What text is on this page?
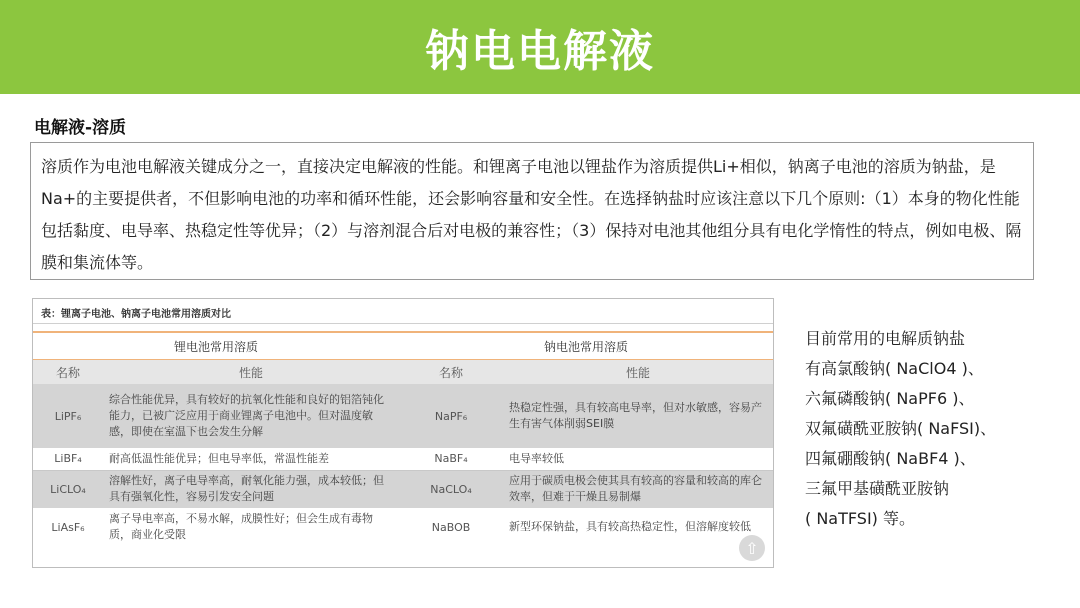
钠电电解液
电解液-溶质
溶质作为电池电解液关键成分之一，直接决定电解液的性能。和锂离子电池以锂盐作为溶质提供Li+相似，钠离子电池的溶质为钠盐，是Na+的主要提供者，不但影响电池的功率和循环性能，还会影响容量和安全性。在选择钠盐时应该注意以下几个原则:（1）本身的物化性能包括黏度、电导率、热稳定性等优异；（2）与溶剂混合后对电极的兼容性；（3）保持对电池其他组分具有电化学惰性的特点，例如电极、隔膜和集流体等。
表：锂离子电池、钠离子电池常用溶质对比
锂电池常用溶质		钠电池常用溶质	
名称	性能	名称	性能
LiPF₆	综合性能优异，具有较好的抗氧化性能和良好的铝箔钝化能力，已被广泛应用于商业锂离子电池中。但对温度敏感，即使在室温下也会发生分解	NaPF₆	热稳定性强，具有较高电导率，但对水敏感，容易产生有害气体削弱SEI膜
LiBF₄	耐高低温性能优异；但电导率低，常温性能差	NaBF₄	电导率较低
LiCLO₄	溶解性好，离子电导率高，耐氧化能力强，成本较低；但具有强氧化性，容易引发安全问题	NaCLO₄	应用于碳质电极会使其具有较高的容量和较高的库仑效率，但难于干燥且易制爆
LiAsF₆	离子导电率高，不易水解，成膜性好；但会生成有毒物质，商业化受限	NaBOB	新型环保钠盐，具有较高热稳定性，但溶解度较低
⇧
目前常用的电解质钠盐
有高氯酸钠( NaClO4 )、
六氟磷酸钠( NaPF6 )、
双氟磺酰亚胺钠( NaFSI)、
四氟硼酸钠( NaBF4 )、
三氟甲基磺酰亚胺钠
( NaTFSI) 等。
